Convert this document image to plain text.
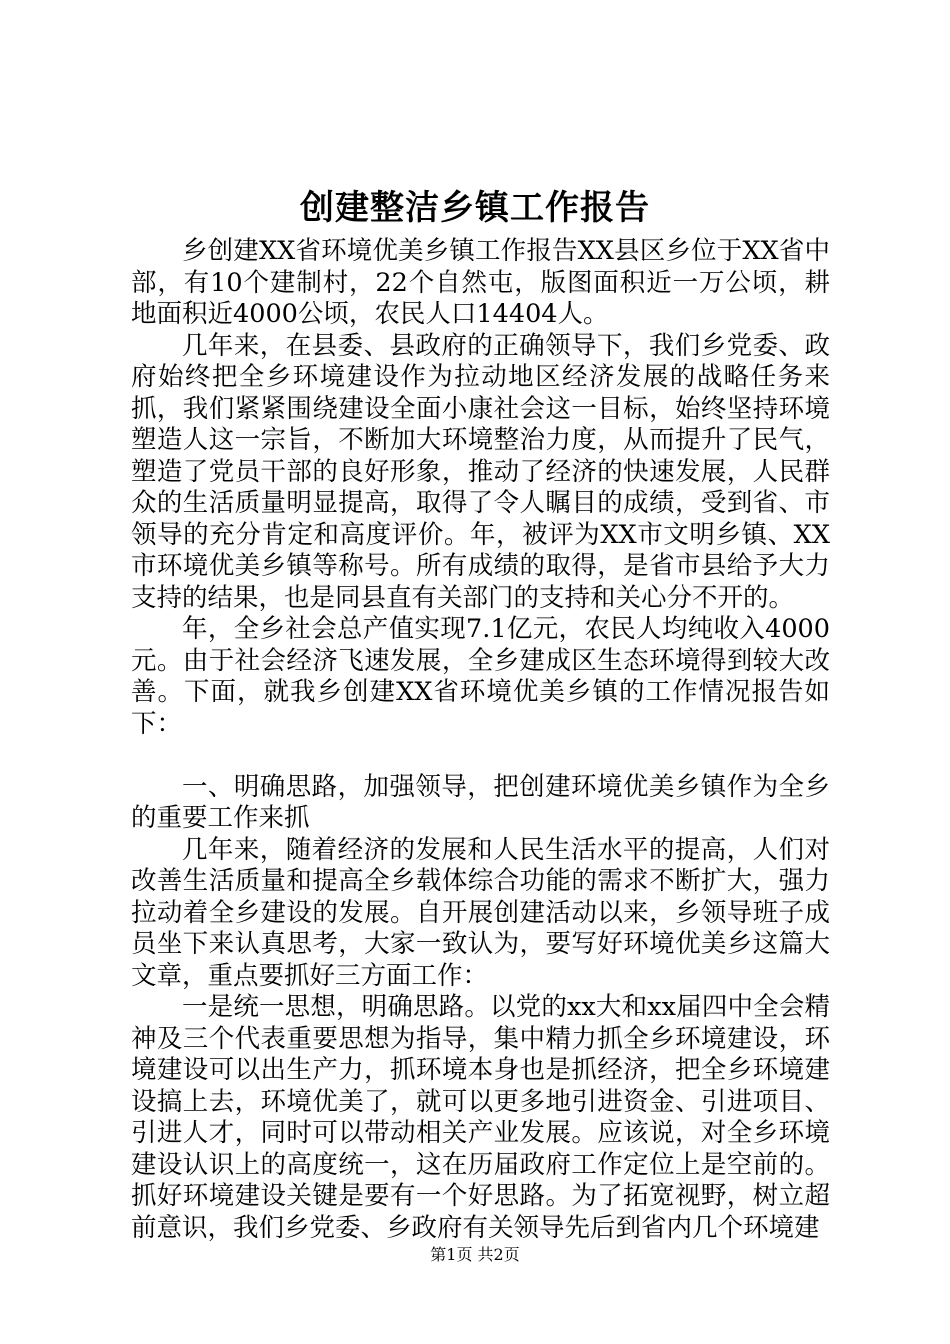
创建整洁乡镇工作报告

乡创建XX省环境优美乡镇工作报告XX县区乡位于XX省中部，有10个建制村，22个自然屯，版图面积近一万公顷，耕地面积近4000公顷，农民人口14404人。

几年来，在县委、县政府的正确领导下，我们乡党委、政府始终把全乡环境建设作为拉动地区经济发展的战略任务来抓，我们紧紧围绕建设全面小康社会这一目标，始终坚持环境塑造人这一宗旨，不断加大环境整治力度，从而提升了民气，塑造了党员干部的良好形象，推动了经济的快速发展，人民群众的生活质量明显提高，取得了令人瞩目的成绩，受到省、市领导的充分肯定和高度评价。年，被评为XX市文明乡镇、XX市环境优美乡镇等称号。所有成绩的取得，是省市县给予大力支持的结果，也是同县直有关部门的支持和关心分不开的。

年，全乡社会总产值实现7.1亿元，农民人均纯收入4000元。由于社会经济飞速发展，全乡建成区生态环境得到较大改善。下面，就我乡创建XX省环境优美乡镇的工作情况报告如下：

一、明确思路，加强领导，把创建环境优美乡镇作为全乡的重要工作来抓

几年来，随着经济的发展和人民生活水平的提高，人们对改善生活质量和提高全乡载体综合功能的需求不断扩大，强力拉动着全乡建设的发展。自开展创建活动以来，乡领导班子成员坐下来认真思考，大家一致认为，要写好环境优美乡这篇大文章，重点要抓好三方面工作：

一是统一思想，明确思路。以党的xx大和xx届四中全会精神及三个代表重要思想为指导，集中精力抓全乡环境建设，环境建设可以出生产力，抓环境本身也是抓经济，把全乡环境建设搞上去，环境优美了，就可以更多地引进资金、引进项目、引进人才，同时可以带动相关产业发展。应该说，对全乡环境建设认识上的高度统一，这在历届政府工作定位上是空前的。抓好环境建设关键是要有一个好思路。为了拓宽视野，树立超前意识，我们乡党委、乡政府有关领导先后到省内几个环境建

第1页 共2页
